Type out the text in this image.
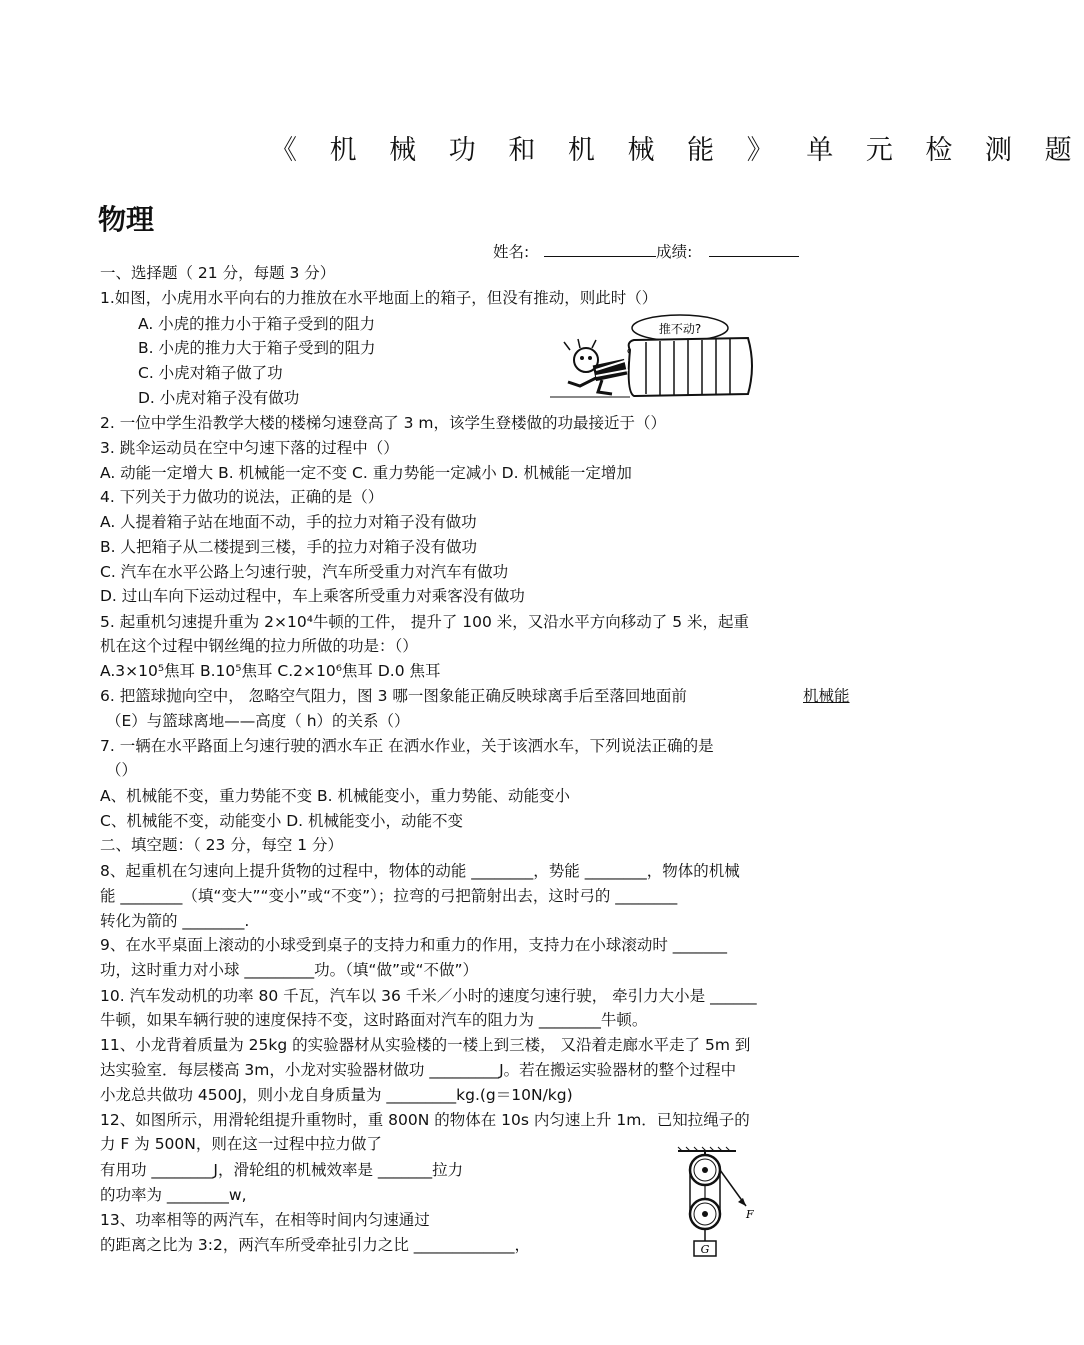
《 机 械 功 和 机 械 能 》 单 元 检 测 题
物理
姓名:	成绩:
一、选择题（ 21 分，每题 3 分）
1.如图，小虎用水平向右的力推放在水平地面上的箱子，但没有推动，则此时（）
A. 小虎的推力小于箱子受到的阻力
B. 小虎的推力大于箱子受到的阻力
C. 小虎对箱子做了功
D. 小虎对箱子没有做功
推不动?
2. 一位中学生沿教学大楼的楼梯匀速登高了 3 m，该学生登楼做的功最接近于（）
3. 跳伞运动员在空中匀速下落的过程中（）
A. 动能一定增大 B. 机械能一定不变 C. 重力势能一定减小 D. 机械能一定增加
4. 下列关于力做功的说法，正确的是（）
A. 人提着箱子站在地面不动，手的拉力对箱子没有做功
B. 人把箱子从二楼提到三楼，手的拉力对箱子没有做功
C. 汽车在水平公路上匀速行驶，汽车所受重力对汽车有做功
D. 过山车向下运动过程中，车上乘客所受重力对乘客没有做功
5. 起重机匀速提升重为 2×10⁴牛顿的工件， 提升了 100 米，又沿水平方向移动了 5 米，起重
机在这个过程中钢丝绳的拉力所做的功是：（）
A.3×10⁵焦耳 B.10⁵焦耳 C.2×10⁶焦耳 D.0 焦耳
6. 把篮球抛向空中， 忽略空气阻力，图 3 哪一图象能正确反映球离手后至落回地面前	机械能
（E）与篮球离地——高度（ h）的关系（）
7. 一辆在水平路面上匀速行驶的洒水车正 在洒水作业，关于该洒水车，下列说法正确的是
（）
A、机械能不变，重力势能不变 B. 机械能变小，重力势能、动能变小
C、机械能不变，动能变小 D. 机械能变小，动能不变
二、填空题：（ 23 分，每空 1 分）
8、起重机在匀速向上提升货物的过程中，物体的动能 ________，势能 ________，物体的机械
能 ________（填“变大”“变小”或“不变”）；拉弯的弓把箭射出去，这时弓的 ________
转化为箭的 ________.
9、在水平桌面上滚动的小球受到桌子的支持力和重力的作用，支持力在小球滚动时 _______
功，这时重力对小球 _________功。（填“做”或“不做”）
10. 汽车发动机的功率 80 千瓦，汽车以 36 千米／小时的速度匀速行驶， 牵引力大小是 ______
牛顿，如果车辆行驶的速度保持不变，这时路面对汽车的阻力为 ________牛顿。
11、小龙背着质量为 25kg 的实验器材从实验楼的一楼上到三楼， 又沿着走廊水平走了 5m 到
达实验室．每层楼高 3m，小龙对实验器材做功 _________J。若在搬运实验器材的整个过程中
小龙总共做功 4500J，则小龙自身质量为 _________kg.(g＝10N/kg)
12、如图所示，用滑轮组提升重物时，重 800N 的物体在 10s 内匀速上升 1m．已知拉绳子的
力 F 为 500N，则在这一过程中拉力做了
有用功 ________J，滑轮组的机械效率是 _______拉力
的功率为 ________w,
13、功率相等的两汽车，在相等时间内匀速通过
的距离之比为 3:2，两汽车所受牵扯引力之比 _____________，
F
G
